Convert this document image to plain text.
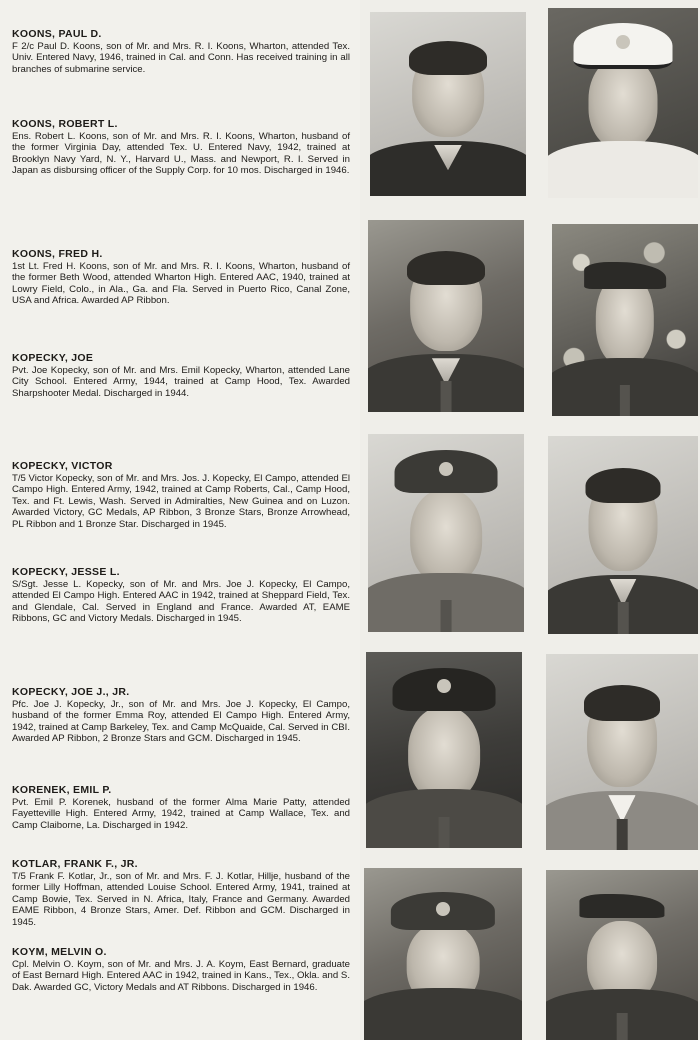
KOONS, PAUL D.
F 2/c Paul D. Koons, son of Mr. and Mrs. R. I. Koons, Wharton, attended Tex. Univ. Entered Navy, 1946, trained in Cal. and Conn. Has received training in all branches of submarine service.
KOONS, ROBERT L.
Ens. Robert L. Koons, son of Mr. and Mrs. R. I. Koons, Wharton, husband of the former Virginia Day, attended Tex. U. Entered Navy, 1942, trained at Brooklyn Navy Yard, N. Y., Harvard U., Mass. and Newport, R. I. Served in Japan as disbursing officer of the Supply Corp. for 10 mos. Discharged in 1946.
KOONS, FRED H.
1st Lt. Fred H. Koons, son of Mr. and Mrs. R. I. Koons, Wharton, husband of the former Beth Wood, attended Wharton High. Entered AAC, 1940, trained at Lowry Field, Colo., in Ala., Ga. and Fla. Served in Puerto Rico, Canal Zone, USA and Africa. Awarded AP Ribbon.
KOPECKY, JOE
Pvt. Joe Kopecky, son of Mr. and Mrs. Emil Kopecky, Wharton, attended Lane City School. Entered Army, 1944, trained at Camp Hood, Tex. Awarded Sharpshooter Medal. Discharged in 1944.
KOPECKY, VICTOR
T/5 Victor Kopecky, son of Mr. and Mrs. Jos. J. Kopecky, El Campo, attended El Campo High. Entered Army, 1942, trained at Camp Roberts, Cal., Camp Hood, Tex. and Ft. Lewis, Wash. Served in Admiralties, New Guinea and on Luzon. Awarded Victory, GC Medals, AP Ribbon, 3 Bronze Stars, Bronze Arrowhead, PL Ribbon and 1 Bronze Star. Discharged in 1945.
KOPECKY, JESSE L.
S/Sgt. Jesse L. Kopecky, son of Mr. and Mrs. Joe J. Kopecky, El Campo, attended El Campo High. Entered AAC in 1942, trained at Sheppard Field, Tex. and Glendale, Cal. Served in England and France. Awarded AT, EAME Ribbons, GC and Victory Medals. Discharged in 1945.
KOPECKY, JOE J., JR.
Pfc. Joe J. Kopecky, Jr., son of Mr. and Mrs. Joe J. Kopecky, El Campo, husband of the former Emma Roy, attended El Campo High. Entered Army, 1942, trained at Camp Barkeley, Tex. and Camp McQuaide, Cal. Served in CBI. Awarded AP Ribbon, 2 Bronze Stars and GCM. Discharged in 1945.
KORENEK, EMIL P.
Pvt. Emil P. Korenek, husband of the former Alma Marie Patty, attended Fayetteville High. Entered Army, 1942, trained at Camp Wallace, Tex. and Camp Claiborne, La. Discharged in 1942.
KOTLAR, FRANK F., JR.
T/5 Frank F. Kotlar, Jr., son of Mr. and Mrs. F. J. Kotlar, Hillje, husband of the former Lilly Hoffman, attended Louise School. Entered Army, 1941, trained at Camp Bowie, Tex. Served in N. Africa, Italy, France and Germany. Awarded EAME Ribbon, 4 Bronze Stars, Amer. Def. Ribbon and GCM. Discharged in 1945.
KOYM, MELVIN O.
Cpl. Melvin O. Koym, son of Mr. and Mrs. J. A. Koym, East Bernard, graduate of East Bernard High. Entered AAC in 1942, trained in Kans., Tex., Okla. and S. Dak. Awarded GC, Victory Medals and AT Ribbons. Discharged in 1946.
